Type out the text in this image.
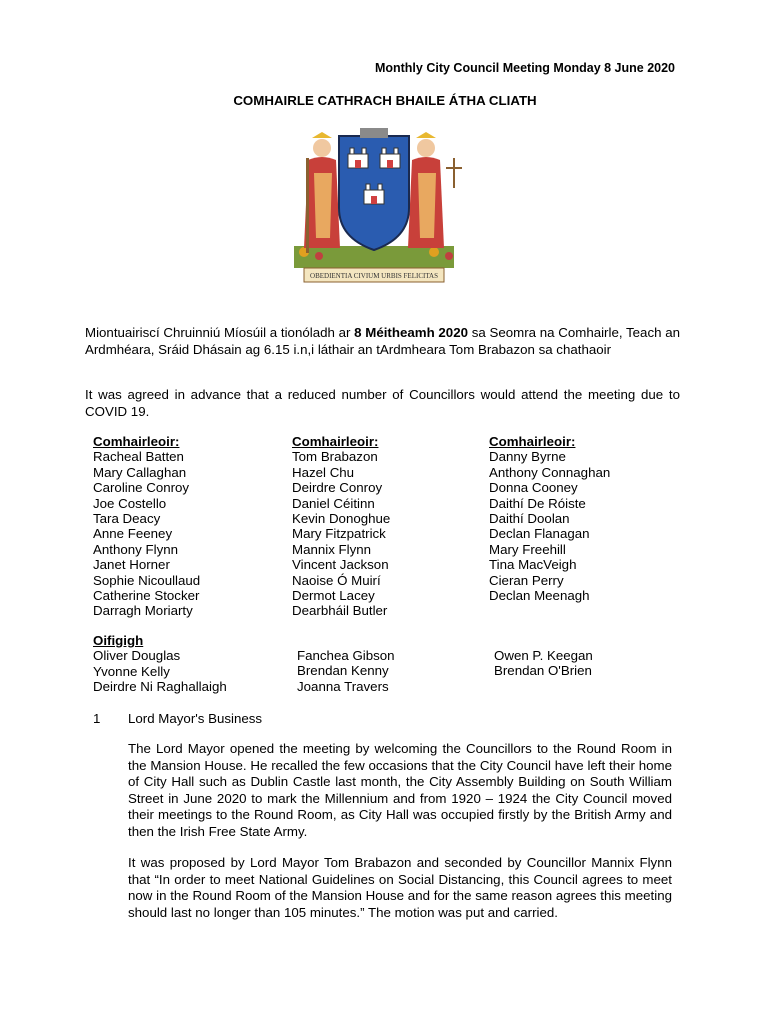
Monthly City Council Meeting Monday 8 June 2020
COMHAIRLE CATHRACH BHAILE ÁTHA CLIATH
OBEDIENTIA CIVIUM URBIS FELICITAS
Miontuairiscí Chruinniú Míosúil a tionóladh ar 8 Méitheamh 2020 sa Seomra na Comhairle, Teach an Ardmhéara, Sráid Dhásain ag 6.15 i.n,i láthair an tArdmheara Tom Brabazon sa chathaoir
It was agreed in advance that a reduced number of Councillors would attend the meeting due to COVID 19.
Comhairleoir:
Racheal Batten
Mary Callaghan
Caroline Conroy
Joe Costello
Tara Deacy
Anne Feeney
Anthony Flynn
Janet Horner
Sophie Nicoullaud
Catherine Stocker
Darragh Moriarty
Comhairleoir:
Tom Brabazon
Hazel Chu
Deirdre Conroy
Daniel Céitinn
Kevin Donoghue
Mary Fitzpatrick
Mannix Flynn
Vincent Jackson
Naoise Ó Muirí
Dermot Lacey
Dearbháil Butler
Comhairleoir:
Danny Byrne
Anthony Connaghan
Donna Cooney
Daithí De Róiste
Daithí Doolan
Declan Flanagan
Mary Freehill
Tina MacVeigh
Cieran Perry
Declan Meenagh
Oifigigh
Oliver Douglas
Yvonne Kelly
Deirdre Ni Raghallaigh
Fanchea Gibson
Brendan Kenny
Joanna Travers
Owen P. Keegan
Brendan O'Brien
1 Lord Mayor's Business
The Lord Mayor opened the meeting by welcoming the Councillors to the Round Room in the Mansion House. He recalled the few occasions that the City Council have left their home of City Hall such as Dublin Castle last month, the City Assembly Building on South William Street in June 2020 to mark the Millennium and from 1920 – 1924 the City Council moved their meetings to the Round Room, as City Hall was occupied firstly by the British Army and then the Irish Free State Army.
It was proposed by Lord Mayor Tom Brabazon and seconded by Councillor Mannix Flynn that “In order to meet National Guidelines on Social Distancing, this Council agrees to meet now in the Round Room of the Mansion House and for the same reason agrees this meeting should last no longer than 105 minutes.” The motion was put and carried.
